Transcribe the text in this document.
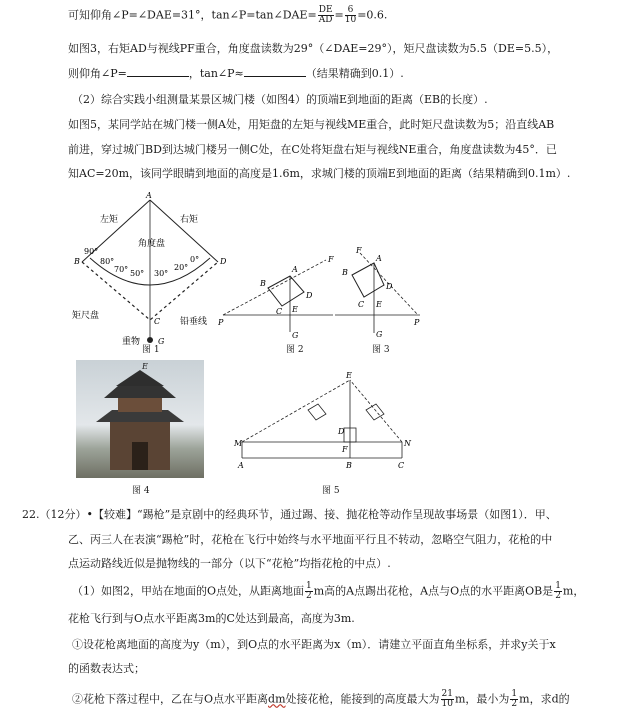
可知仰角∠P=∠DAE=31°，tan∠P=tan∠DAE= $\frac{DE}{AD} = \frac{6}{10} =0.6$.
如图3，右矩AD与视线PF重合，角度盘读数为29°（∠DAE=29°），矩尺盘读数为5.5（DE=5.5），
则仰角∠P=	，tan∠P≈	（结果精确到0.1）.
（2）综合实践小组测量某景区城门楼（如图4）的顶端E到地面的距离（EB的长度）.
如图5，某同学站在城门楼一侧A处，用矩盘的左矩与视线ME重合，此时矩尺盘读数为5；沿直线AB
前进，穿过城门BD到达城门楼另一侧C处，在C处将矩盘右矩与视线NE重合，角度盘读数为45°．已
知AC=20m，该同学眼睛到地面的高度是1.6m，求城门楼的顶端E到地面的距离（结果精确到0.1m）.
左矩	右矩
角度盘
矩尺盘
铅垂线
重物
90°
80°
70° 50° 30°
20°
0°
B	D
A
C
G
图 1
P
A
B
C
D
E
F
G
图 2
F
A
B
C
D
E
P
G
图 3
E
图 4
E
D
M	N
F
A	B	C
图 5
22.（12分）•【较难】“踢枪”是京剧中的经典环节，通过踢、接、抛花枪等动作呈现故事场景（如图1）．甲、
乙、丙三人在表演“踢枪”时，花枪在飞行中始终与水平地面平行且不转动，忽略空气阻力，花枪的中
点运动路线近似是抛物线的一部分（以下“花枪”均指花枪的中点）.
（1）如图2，甲站在地面的O点处，从距离地面 $\frac{1}{2}$ m高的A点踢出花枪，A点与O点的水平距离OB是 $\frac{1}{2}$ m，
花枪飞行到与O点水平距离3m的C处达到最高，高度为3m.
①设花枪离地面的高度为y（m），到O点的水平距离为x（m）．请建立平面直角坐标系，并求y关于x
的函数表达式；
②花枪下落过程中，乙在与O点水平距离dm处接花枪，能接到的高度最大为 $\frac{21}{10}$ m，最小为 $\frac{1}{2}$ m，求d的
